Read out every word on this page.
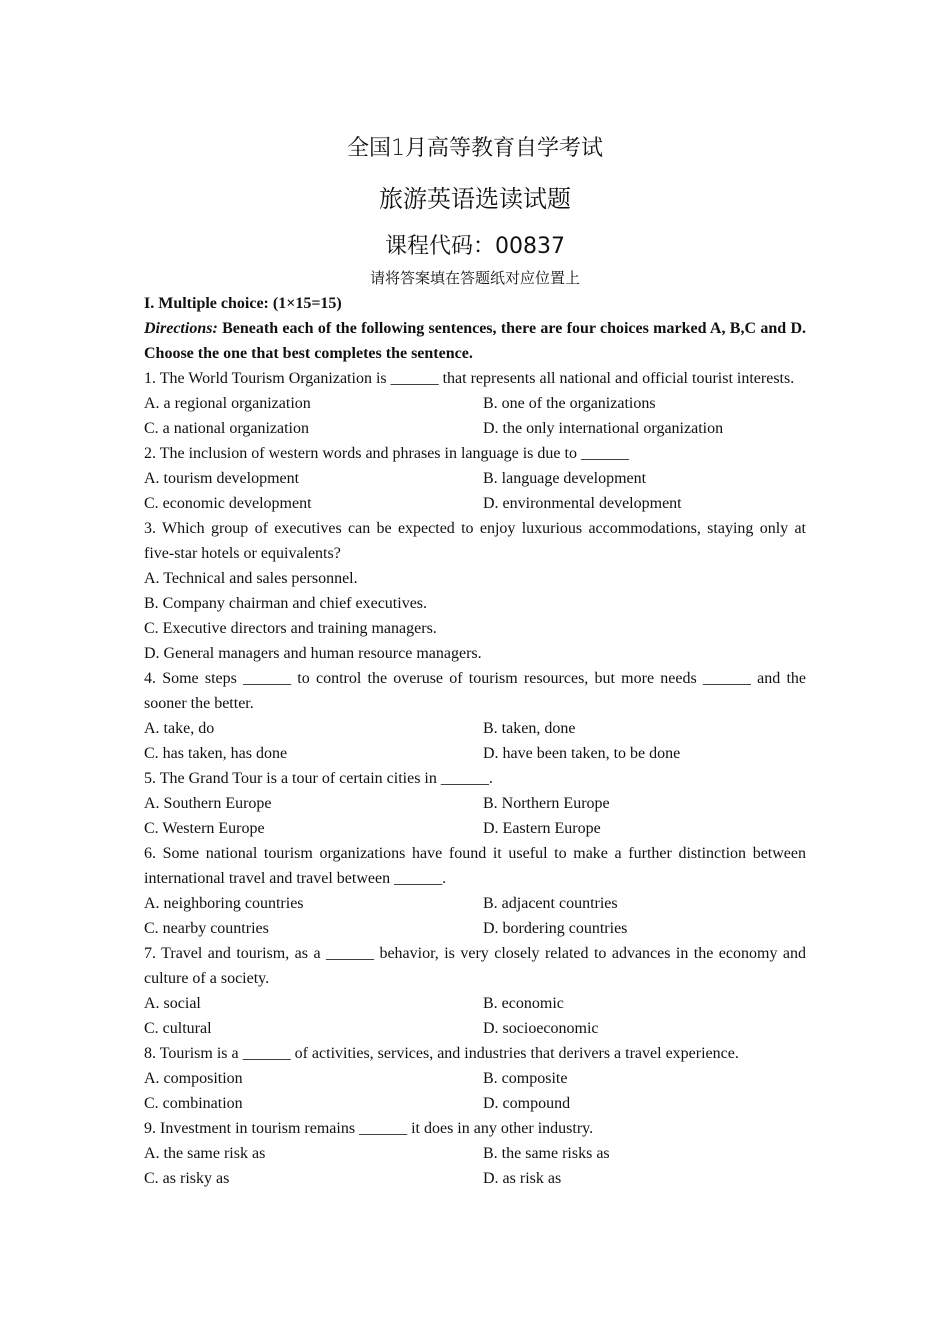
全国1月高等教育自学考试
旅游英语选读试题
课程代码：00837
请将答案填在答题纸对应位置上

I. Multiple choice: (1×15=15)

Directions: Beneath each of the following sentences, there are four choices marked A, B,C and D. Choose the one that best completes the sentence.

1. The World Tourism Organization is ______ that represents all national and official tourist interests.

A. a regional organization	B. one of the organizations
C. a national organization	D. the only international organization

2. The inclusion of western words and phrases in language is due to ______

A. tourism development	B. language development
C. economic development	D. environmental development

3. Which group of executives can be expected to enjoy luxurious accommodations, staying only at five-star hotels or equivalents?

A. Technical and sales personnel.

B. Company chairman and chief executives.

C. Executive directors and training managers.

D. General managers and human resource managers.

4. Some steps ______ to control the overuse of tourism resources, but more needs ______ and the sooner the better.

A. take, do	B. taken, done
C. has taken, has done	D. have been taken, to be done

5. The Grand Tour is a tour of certain cities in ______.

A. Southern Europe	B. Northern Europe
C. Western Europe	D. Eastern Europe

6. Some national tourism organizations have found it useful to make a further distinction between international travel and travel between ______.

A. neighboring countries	B. adjacent countries
C. nearby countries	D. bordering countries

7. Travel and tourism, as a ______ behavior, is very closely related to advances in the economy and culture of a society.

A. social	B. economic
C. cultural	D. socioeconomic

8. Tourism is a ______ of activities, services, and industries that derivers a travel experience.

A. composition	B. composite
C. combination	D. compound

9. Investment in tourism remains ______ it does in any other industry.

A. the same risk as	B. the same risks as
C. as risky as	D. as risk as
